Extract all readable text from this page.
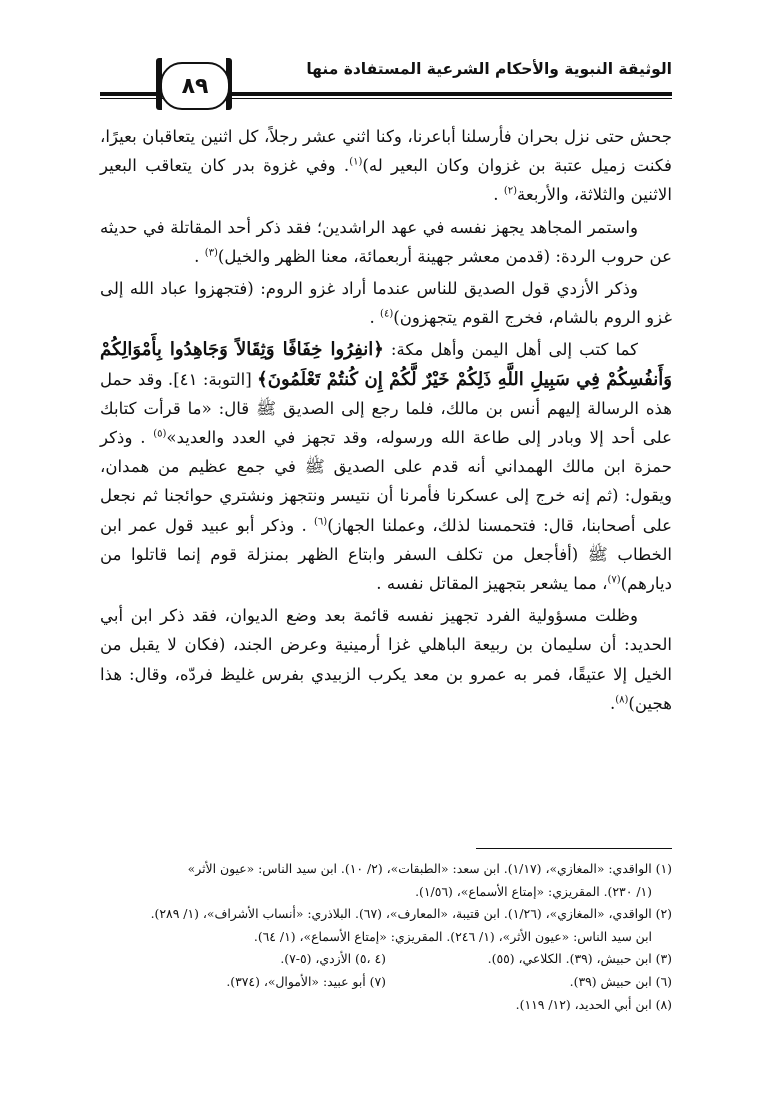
الوثيقة النبوية والأحكام الشرعية المستفادة منها
٨٩

جحش حتى نزل بحران فأرسلنا أباعرنا، وكنا اثني عشر رجلاً، كل اثنين يتعاقبان بعيرًا، فكنت زميل عتبة بن غزوان وكان البعير له)$^{(١)}$. وفي غزوة بدر كان يتعاقب البعير الاثنين والثلاثة، والأربعة$^{(٢)}$ .

واستمر المجاهد يجهز نفسه في عهد الراشدين؛ فقد ذكر أحد المقاتلة في حديثه عن حروب الردة: (قدمن معشر جهينة أربعمائة، معنا الظهر والخيل)$^{(٣)}$ .

وذكر الأزدي قول الصديق للناس عندما أراد غزو الروم: (فتجهزوا عباد الله إلى غزو الروم بالشام، فخرج القوم يتجهزون)$^{(٤)}$ .

كما كتب إلى أهل اليمن وأهل مكة: ﴿انفِرُوا خِفَافًا وَثِقَالاً وَجَاهِدُوا بِأَمْوَالِكُمْ وَأَنفُسِكُمْ فِي سَبِيلِ اللَّهِ ذَلِكُمْ خَيْرٌ لَّكُمْ إِن كُنتُمْ تَعْلَمُونَ﴾ [التوبة: ٤١]. وقد حمل هذه الرسالة إليهم أنس بن مالك، فلما رجع إلى الصديق ﷺ قال: «ما قرأت كتابك على أحد إلا وبادر إلى طاعة الله ورسوله، وقد تجهز في العدد والعديد»$^{(٥)}$ . وذكر حمزة ابن مالك الهمداني أنه قدم على الصديق ﷺ في جمع عظيم من همدان، ويقول: (ثم إنه خرج إلى عسكرنا فأمرنا أن نتيسر ونتجهز ونشتري حوائجنا ثم نجعل على أصحابنا، قال: فتحمسنا لذلك، وعملنا الجهاز)$^{(٦)}$ . وذكر أبو عبيد قول عمر ابن الخطاب ﷺ (أفأجعل من تكلف السفر وابتاع الظهر بمنزلة قوم إنما قاتلوا من ديارهم)$^{(٧)}$، مما يشعر بتجهيز المقاتل نفسه .

وظلت مسؤولية الفرد تجهيز نفسه قائمة بعد وضع الديوان، فقد ذكر ابن أبي الحديد: أن سليمان بن ربيعة الباهلي غزا أرمينية وعرض الجند، (فكان لا يقبل من الخيل إلا عتيقًا، فمر به عمرو بن معد يكرب الزبيدي بفرس غليظ فردّه، وقال: هذا هجين)$^{(٨)}$.

(١) الواقدي: «المغازي»، (١/١٧). ابن سعد: «الطبقات»، (٢/ ١٠). ابن سيد الناس: «عيون الأثر»

(١/ ٢٣٠). المقريزي: «إمتاع الأسماع»، (١/٥٦).

(٢) الواقدي، «المغازي»، (١/٢٦). ابن قتيبة، «المعارف»، (٦٧). البلاذري: «أنساب الأشراف»، (١/ ٢٨٩).

ابن سيد الناس: «عيون الأثر»، (١/ ٢٤٦). المقريزي: «إمتاع الأسماع»، (١/ ٦٤).

(٣) ابن حبيش، (٣٩). الكلاعي، (٥٥).
(٤ ،٥) الأزدي، (٥-٧).
(٦) ابن حبيش (٣٩).
(٧) أبو عبيد: «الأموال»، (٣٧٤).

(٨) ابن أبي الحديد، (١٢/ ١١٩).
